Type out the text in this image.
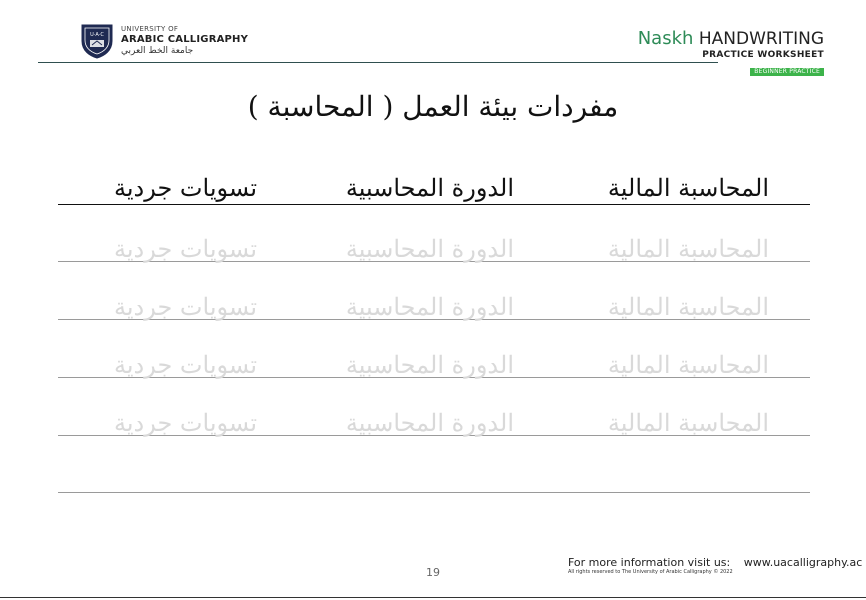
U·A·C
UNIVERSITY OF
ARABIC CALLIGRAPHY
جامعة الخط العربي
Naskh HANDWRITING
PRACTICE WORKSHEET
BEGINNER PRACTICE
مفردات بيئة العمل ( المحاسبة )
المحاسبة المالية
الدورة المحاسبية
تسويات جردية
المحاسبة المالية
الدورة المحاسبية
تسويات جردية
المحاسبة المالية
الدورة المحاسبية
تسويات جردية
المحاسبة المالية
الدورة المحاسبية
تسويات جردية
المحاسبة المالية
الدورة المحاسبية
تسويات جردية
For more information visit us: www.uacalligraphy.ac
All rights reserved to The University of Arabic Calligraphy © 2022
19
